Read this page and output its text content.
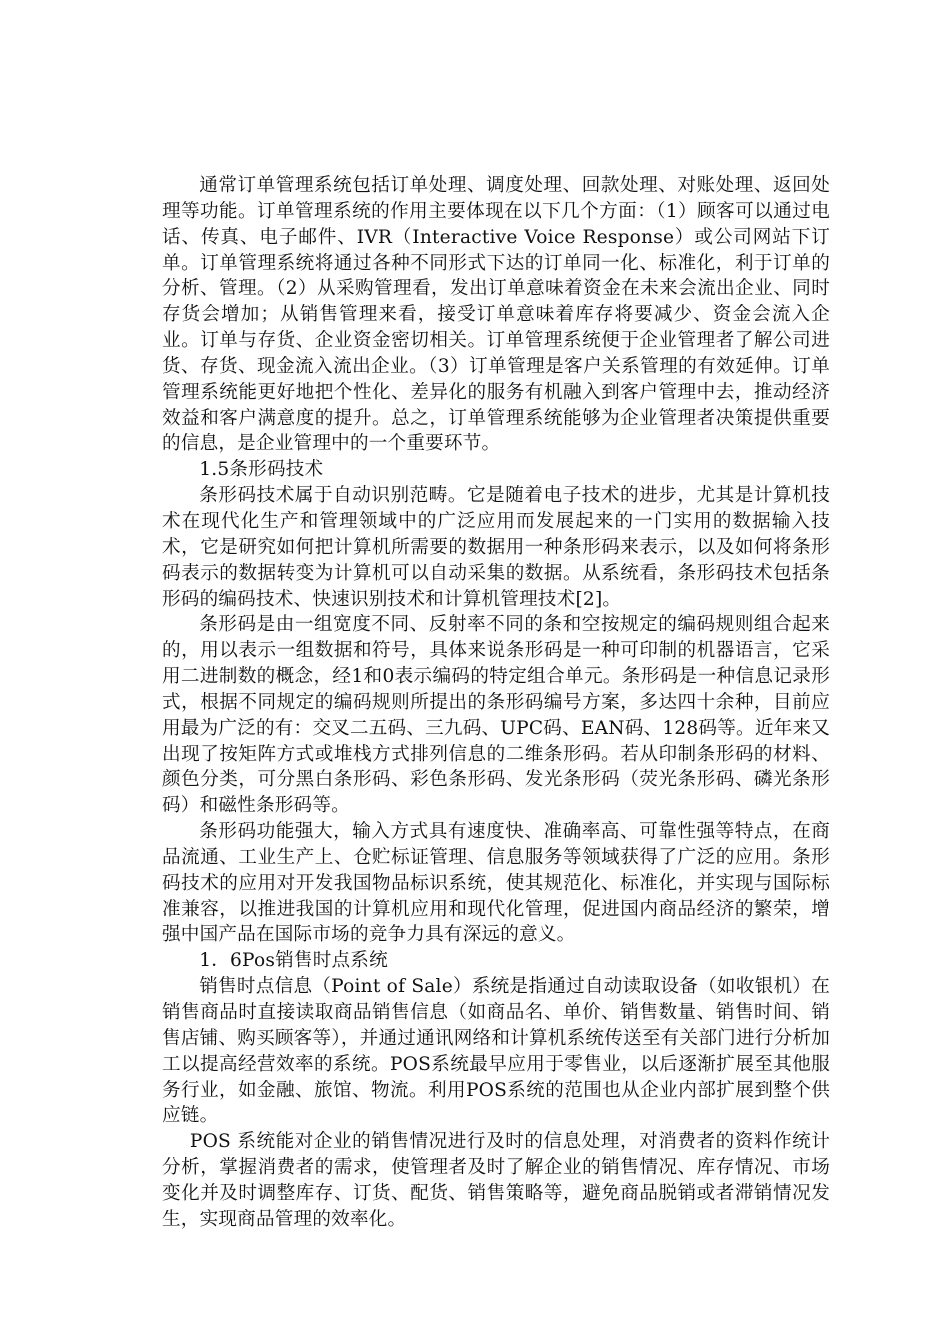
通常订单管理系统包括订单处理、调度处理、回款处理、对账处理、返回处理等功能。订单管理系统的作用主要体现在以下几个方面：（1）顾客可以通过电话、传真、电子邮件、IVR（Interactive Voice Response）或公司网站下订单。订单管理系统将通过各种不同形式下达的订单同一化、标准化，利于订单的分析、管理。（2）从采购管理看，发出订单意味着资金在未来会流出企业、同时存货会增加；从销售管理来看，接受订单意味着库存将要减少、资金会流入企业。订单与存货、企业资金密切相关。订单管理系统便于企业管理者了解公司进货、存货、现金流入流出企业。（3）订单管理是客户关系管理的有效延伸。订单管理系统能更好地把个性化、差异化的服务有机融入到客户管理中去，推动经济效益和客户满意度的提升。总之，订单管理系统能够为企业管理者决策提供重要的信息，是企业管理中的一个重要环节。

1.5条形码技术

条形码技术属于自动识别范畴。它是随着电子技术的进步，尤其是计算机技术在现代化生产和管理领域中的广泛应用而发展起来的一门实用的数据输入技术，它是研究如何把计算机所需要的数据用一种条形码来表示，以及如何将条形码表示的数据转变为计算机可以自动采集的数据。从系统看，条形码技术包括条形码的编码技术、快速识别技术和计算机管理技术[2]。

条形码是由一组宽度不同、反射率不同的条和空按规定的编码规则组合起来的，用以表示一组数据和符号，具体来说条形码是一种可印制的机器语言，它采用二进制数的概念，经1和0表示编码的特定组合单元。条形码是一种信息记录形式，根据不同规定的编码规则所提出的条形码编号方案，多达四十余种，目前应用最为广泛的有：交叉二五码、三九码、UPC码、EAN码、128码等。近年来又出现了按矩阵方式或堆栈方式排列信息的二维条形码。若从印制条形码的材料、颜色分类，可分黑白条形码、彩色条形码、发光条形码（荧光条形码、磷光条形码）和磁性条形码等。

条形码功能强大，输入方式具有速度快、准确率高、可靠性强等特点，在商品流通、工业生产上、仓贮标证管理、信息服务等领域获得了广泛的应用。条形码技术的应用对开发我国物品标识系统，使其规范化、标准化，并实现与国际标准兼容，以推进我国的计算机应用和现代化管理，促进国内商品经济的繁荣，增强中国产品在国际市场的竞争力具有深远的意义。

1．6Pos销售时点系统

销售时点信息（Point of Sale）系统是指通过自动读取设备（如收银机）在销售商品时直接读取商品销售信息（如商品名、单价、销售数量、销售时间、销售店铺、购买顾客等），并通过通讯网络和计算机系统传送至有关部门进行分析加工以提高经营效率的系统。POS系统最早应用于零售业，以后逐渐扩展至其他服务行业，如金融、旅馆、物流。利用POS系统的范围也从企业内部扩展到整个供应链。

POS 系统能对企业的销售情况进行及时的信息处理，对消费者的资料作统计分析，掌握消费者的需求，使管理者及时了解企业的销售情况、库存情况、市场变化并及时调整库存、订货、配货、销售策略等，避免商品脱销或者滞销情况发生，实现商品管理的效率化。
